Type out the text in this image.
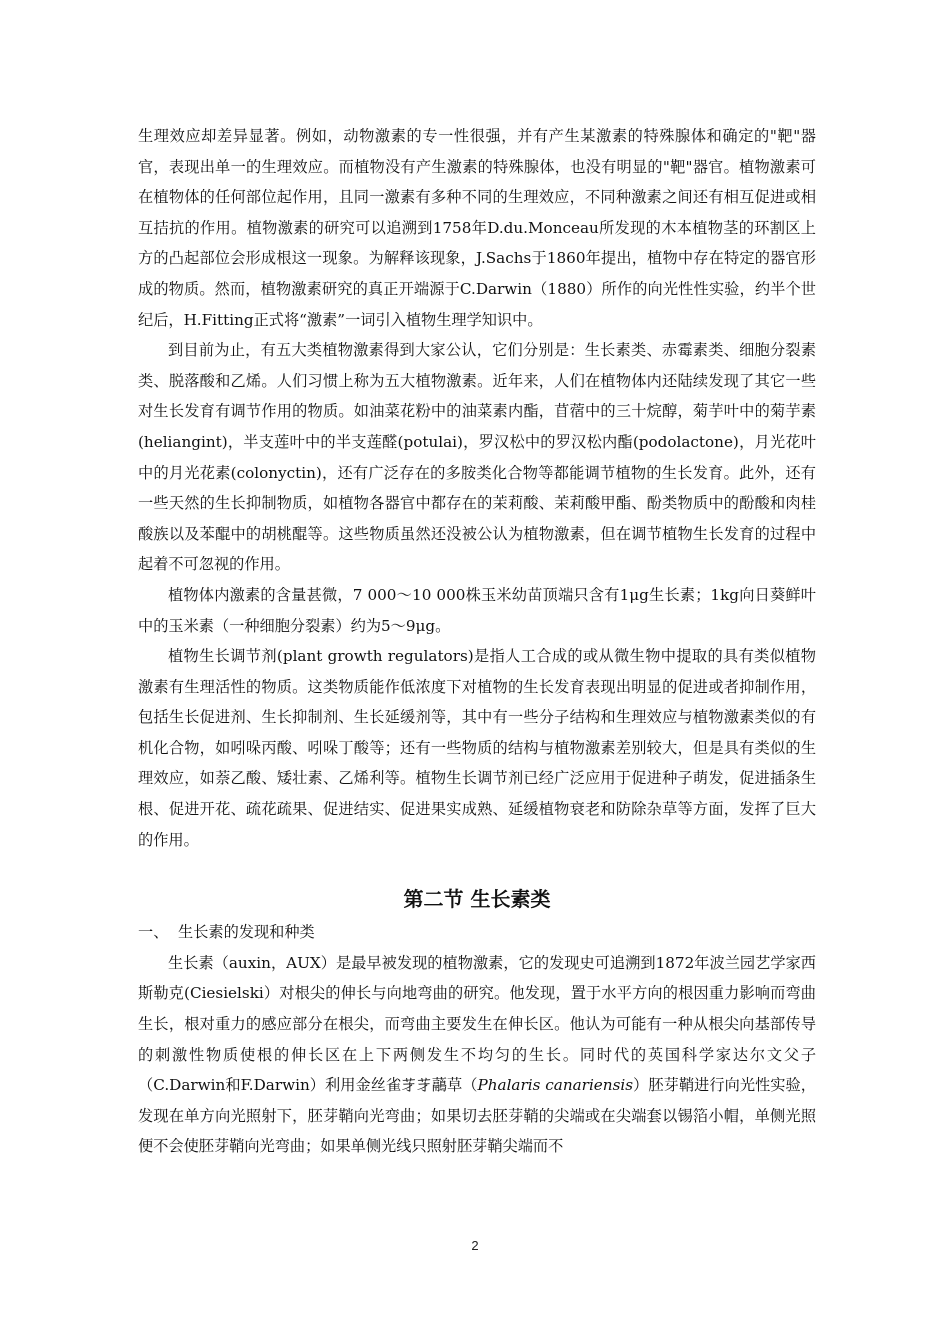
生理效应却差异显著。例如，动物激素的专一性很强，并有产生某激素的特殊腺体和确定的"靶"器官，表现出单一的生理效应。而植物没有产生激素的特殊腺体，也没有明显的"靶"器官。植物激素可在植物体的任何部位起作用，且同一激素有多种不同的生理效应，不同种激素之间还有相互促进或相互拮抗的作用。植物激素的研究可以追溯到1758年D.du.Monceau所发现的木本植物茎的环割区上方的凸起部位会形成根这一现象。为解释该现象，J.Sachs于1860年提出，植物中存在特定的器官形成的物质。然而，植物激素研究的真正开端源于C.Darwin（1880）所作的向光性性实验，约半个世纪后，H.Fitting正式将“激素”一词引入植物生理学知识中。

到目前为止，有五大类植物激素得到大家公认，它们分别是：生长素类、赤霉素类、细胞分裂素类、脱落酸和乙烯。人们习惯上称为五大植物激素。近年来，人们在植物体内还陆续发现了其它一些对生长发育有调节作用的物质。如油菜花粉中的油菜素内酯，苜蓿中的三十烷醇，菊芋叶中的菊芋素(heliangint)，半支莲叶中的半支莲醛(potulai)，罗汉松中的罗汉松内酯(podolactone)，月光花叶中的月光花素(colonyctin)，还有广泛存在的多胺类化合物等都能调节植物的生长发育。此外，还有一些天然的生长抑制物质，如植物各器官中都存在的茉莉酸、茉莉酸甲酯、酚类物质中的酚酸和肉桂酸族以及苯醌中的胡桃醌等。这些物质虽然还没被公认为植物激素，但在调节植物生长发育的过程中起着不可忽视的作用。

植物体内激素的含量甚微，7 000～10 000株玉米幼苗顶端只含有1μg生长素；1kg向日葵鲜叶中的玉米素（一种细胞分裂素）约为5～9μg。

植物生长调节剂(plant growth regulators)是指人工合成的或从微生物中提取的具有类似植物激素有生理活性的物质。这类物质能作低浓度下对植物的生长发育表现出明显的促进或者抑制作用，包括生长促进剂、生长抑制剂、生长延缓剂等，其中有一些分子结构和生理效应与植物激素类似的有机化合物，如吲哚丙酸、吲哚丁酸等；还有一些物质的结构与植物激素差别较大，但是具有类似的生理效应，如萘乙酸、矮壮素、乙烯利等。植物生长调节剂已经广泛应用于促进种子萌发，促进插条生根、促进开花、疏花疏果、促进结实、促进果实成熟、延缓植物衰老和防除杂草等方面，发挥了巨大的作用。

第二节 生长素类

一、 生长素的发现和种类

生长素（auxin，AUX）是最早被发现的植物激素，它的发现史可追溯到1872年波兰园艺学家西斯勒克(Ciesielski）对根尖的伸长与向地弯曲的研究。他发现，置于水平方向的根因重力影响而弯曲生长，根对重力的感应部分在根尖，而弯曲主要发生在伸长区。他认为可能有一种从根尖向基部传导的刺激性物质使根的伸长区在上下两侧发生不均匀的生长。同时代的英国科学家达尔文父子（C.Darwin和F.Darwin）利用金丝雀𦬁𦬁虉草（Phalaris canariensis）胚芽鞘进行向光性实验，发现在单方向光照射下，胚芽鞘向光弯曲；如果切去胚芽鞘的尖端或在尖端套以锡箔小帽，单侧光照便不会使胚芽鞘向光弯曲；如果单侧光线只照射胚芽鞘尖端而不

2
